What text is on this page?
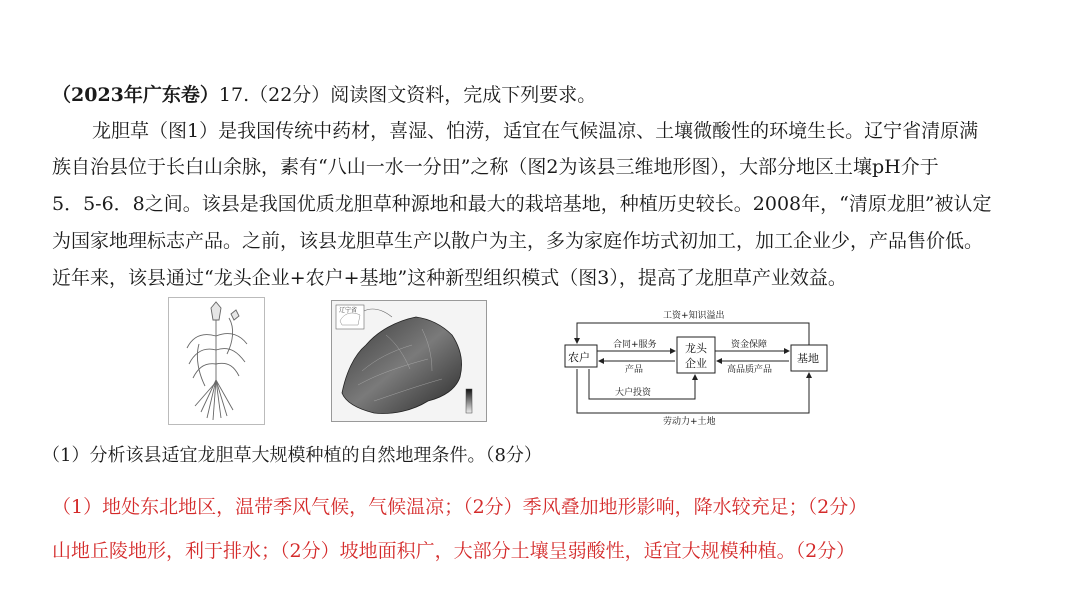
（2023年广东卷）17.（22分）阅读图文资料，完成下列要求。
龙胆草（图1）是我国传统中药材，喜湿、怕涝，适宜在气候温凉、土壤微酸性的环境生长。辽宁省清原满
族自治县位于长白山余脉，素有“八山一水一分田”之称（图2为该县三维地形图），大部分地区土壤pH介于
5．5-6．8之间。该县是我国优质龙胆草种源地和最大的栽培基地，种植历史较长。2008年，“清原龙胆”被认定
为国家地理标志产品。之前，该县龙胆草生产以散户为主，多为家庭作坊式初加工，加工企业少，产品售价低。
近年来，该县通过“龙头企业+农户+基地”这种新型组织模式（图3），提高了龙胆草产业效益。
辽宁省
农户
龙头
企业	基地
工资+知识溢出
合同+服务
产品
资金保障
高品质产品
大户投资
劳动力+土地
（1）分析该县适宜龙胆草大规模种植的自然地理条件。（8分）
（1）地处东北地区，温带季风气候，气候温凉；（2分）季风叠加地形影响，降水较充足；（2分）
山地丘陵地形，利于排水；（2分）坡地面积广，大部分土壤呈弱酸性，适宜大规模种植。（2分）
